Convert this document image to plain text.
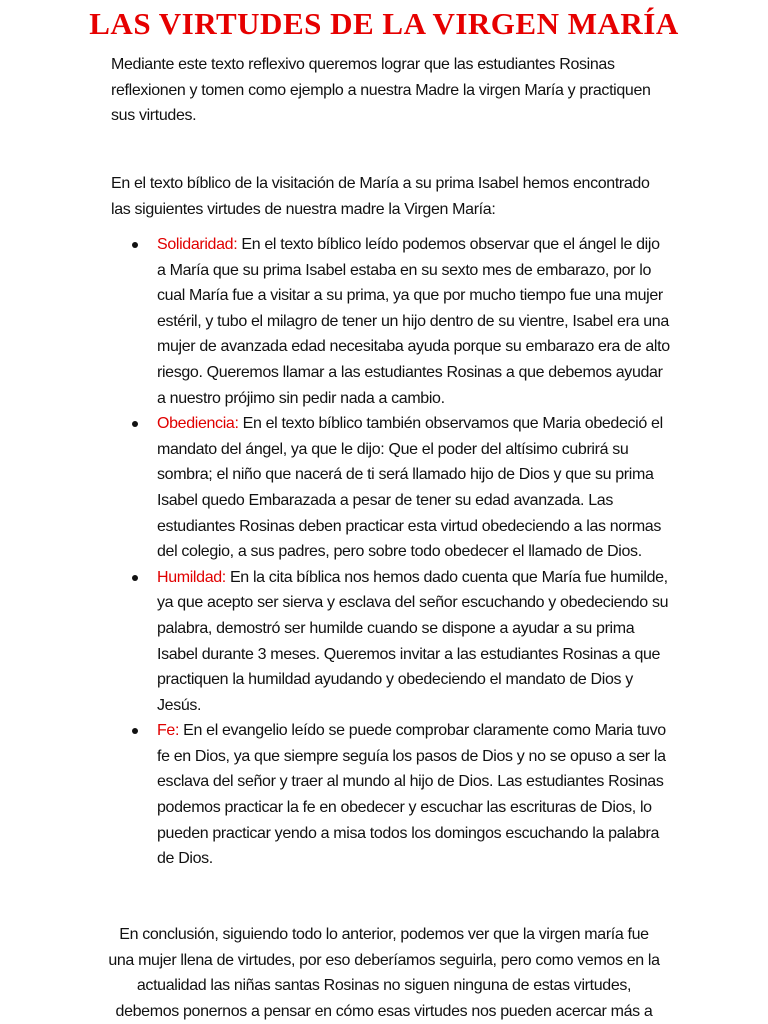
LAS VIRTUDES DE LA VIRGEN MARÍA

Mediante este texto reflexivo queremos lograr que las estudiantes Rosinas reflexionen y tomen como ejemplo a nuestra Madre la virgen María y practiquen sus virtudes.

En el texto bíblico de la visitación de María a su prima Isabel hemos encontrado las siguientes virtudes de nuestra madre la Virgen María:

Solidaridad: En el texto bíblico leído podemos observar que el ángel le dijo a María que su prima Isabel estaba en su sexto mes de embarazo, por lo cual María fue a visitar a su prima, ya que por mucho tiempo fue una mujer estéril, y tubo el milagro de tener un hijo dentro de su vientre, Isabel era una mujer de avanzada edad necesitaba ayuda porque su embarazo era de alto riesgo. Queremos llamar a las estudiantes Rosinas a que debemos ayudar a nuestro prójimo sin pedir nada a cambio.
Obediencia: En el texto bíblico también observamos que Maria obedeció el mandato del ángel, ya que le dijo: Que el poder del altísimo cubrirá su sombra; el niño que nacerá de ti será llamado hijo de Dios y que su prima Isabel quedo Embarazada a pesar de tener su edad avanzada. Las estudiantes Rosinas deben practicar esta virtud obedeciendo a las normas del colegio, a sus padres, pero sobre todo obedecer el llamado de Dios.
Humildad: En la cita bíblica nos hemos dado cuenta que María fue humilde, ya que acepto ser sierva y esclava del señor escuchando y obedeciendo su palabra, demostró ser humilde cuando se dispone a ayudar a su prima Isabel durante 3 meses. Queremos invitar a las estudiantes Rosinas a que practiquen la humildad ayudando y obedeciendo el mandato de Dios y Jesús.
Fe: En el evangelio leído se puede comprobar claramente como Maria tuvo fe en Dios, ya que siempre seguía los pasos de Dios y no se opuso a ser la esclava del señor y traer al mundo al hijo de Dios. Las estudiantes Rosinas podemos practicar la fe en obedecer y escuchar las escrituras de Dios, lo pueden practicar yendo a misa todos los domingos escuchando la palabra de Dios.

En conclusión, siguiendo todo lo anterior, podemos ver que la virgen maría fue una mujer llena de virtudes, por eso deberíamos seguirla, pero como vemos en la actualidad las niñas santas Rosinas no siguen ninguna de estas virtudes, debemos ponernos a pensar en cómo esas virtudes nos pueden acercar más a
